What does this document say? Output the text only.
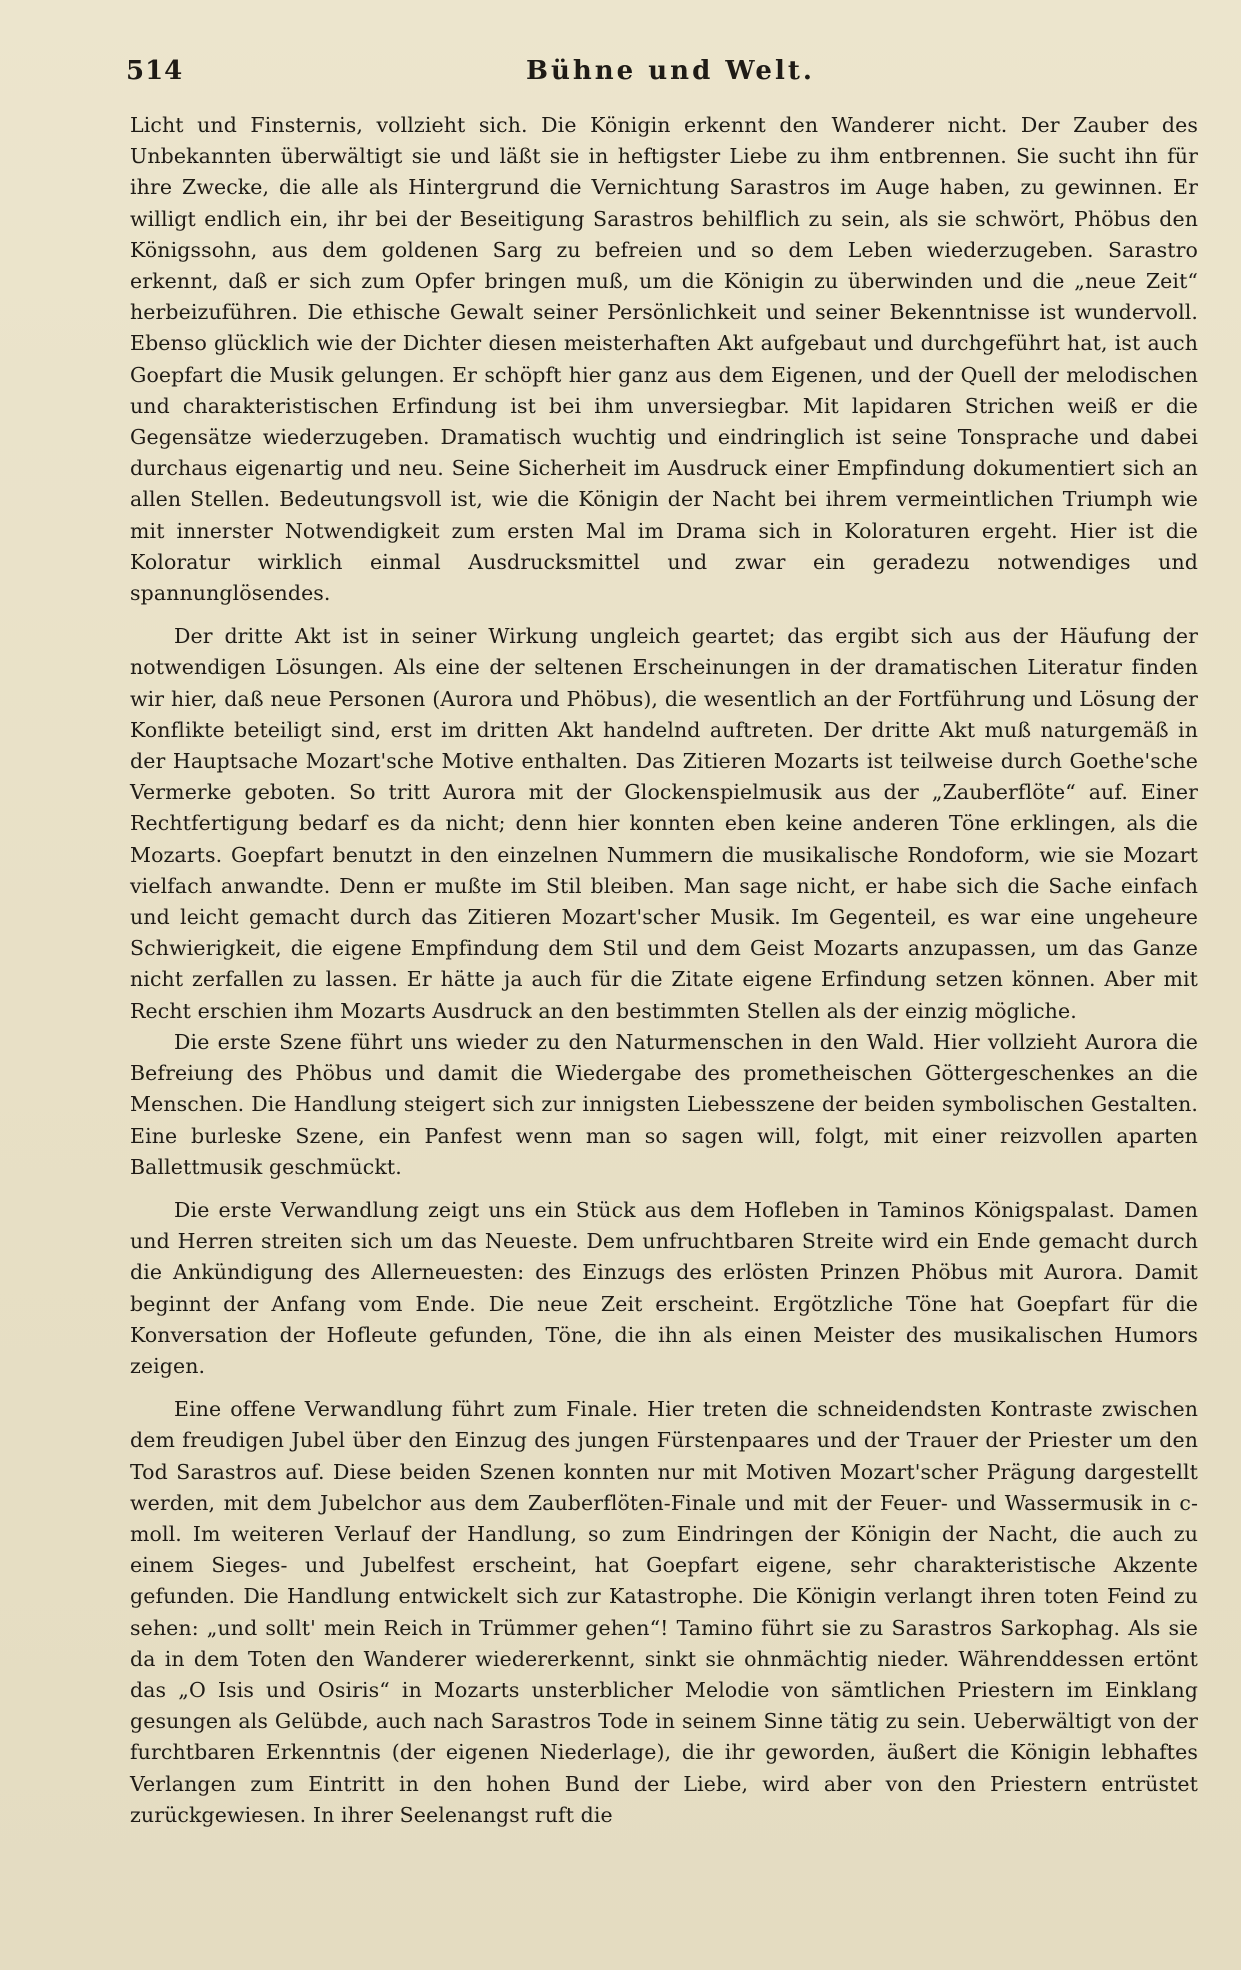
514	Bühne und Welt.

Licht und Finsternis, vollzieht sich. Die Königin erkennt den Wanderer nicht. Der Zauber des Unbekannten überwältigt sie und läßt sie in heftigster Liebe zu ihm entbrennen. Sie sucht ihn für ihre Zwecke, die alle als Hintergrund die Vernichtung Sarastros im Auge haben, zu gewinnen. Er willigt endlich ein, ihr bei der Beseitigung Sarastros behilflich zu sein, als sie schwört, Phöbus den Königssohn, aus dem goldenen Sarg zu befreien und so dem Leben wiederzugeben. Sarastro erkennt, daß er sich zum Opfer bringen muß, um die Königin zu überwinden und die „neue Zeit“ herbeizuführen. Die ethische Gewalt seiner Persönlichkeit und seiner Bekenntnisse ist wundervoll. Ebenso glücklich wie der Dichter diesen meisterhaften Akt aufgebaut und durchgeführt hat, ist auch Goepfart die Musik gelungen. Er schöpft hier ganz aus dem Eigenen, und der Quell der melodischen und charakteristischen Erfindung ist bei ihm unversiegbar. Mit lapidaren Strichen weiß er die Gegensätze wiederzugeben. Dramatisch wuchtig und eindringlich ist seine Tonsprache und dabei durchaus eigenartig und neu. Seine Sicherheit im Ausdruck einer Empfindung dokumentiert sich an allen Stellen. Bedeutungsvoll ist, wie die Königin der Nacht bei ihrem vermeintlichen Triumph wie mit innerster Notwendigkeit zum ersten Mal im Drama sich in Koloraturen ergeht. Hier ist die Koloratur wirklich einmal Ausdrucksmittel und zwar ein geradezu notwendiges und spannunglösendes.

Der dritte Akt ist in seiner Wirkung ungleich geartet; das ergibt sich aus der Häufung der notwendigen Lösungen. Als eine der seltenen Erscheinungen in der dramatischen Literatur finden wir hier, daß neue Personen (Aurora und Phöbus), die wesentlich an der Fortführung und Lösung der Konflikte beteiligt sind, erst im dritten Akt handelnd auftreten. Der dritte Akt muß naturgemäß in der Hauptsache Mozart'sche Motive enthalten. Das Zitieren Mozarts ist teilweise durch Goethe'sche Vermerke geboten. So tritt Aurora mit der Glockenspielmusik aus der „Zauberflöte“ auf. Einer Rechtfertigung bedarf es da nicht; denn hier konnten eben keine anderen Töne erklingen, als die Mozarts. Goepfart benutzt in den einzelnen Nummern die musikalische Rondoform, wie sie Mozart vielfach anwandte. Denn er mußte im Stil bleiben. Man sage nicht, er habe sich die Sache einfach und leicht gemacht durch das Zitieren Mozart'scher Musik. Im Gegenteil, es war eine ungeheure Schwierigkeit, die eigene Empfindung dem Stil und dem Geist Mozarts anzupassen, um das Ganze nicht zerfallen zu lassen. Er hätte ja auch für die Zitate eigene Erfindung setzen können. Aber mit Recht erschien ihm Mozarts Ausdruck an den bestimmten Stellen als der einzig mögliche.

Die erste Szene führt uns wieder zu den Naturmenschen in den Wald. Hier vollzieht Aurora die Befreiung des Phöbus und damit die Wiedergabe des prometheischen Göttergeschenkes an die Menschen. Die Handlung steigert sich zur innigsten Liebesszene der beiden symbolischen Gestalten. Eine burleske Szene, ein Panfest wenn man so sagen will, folgt, mit einer reizvollen aparten Ballettmusik geschmückt.

Die erste Verwandlung zeigt uns ein Stück aus dem Hofleben in Taminos Königspalast. Damen und Herren streiten sich um das Neueste. Dem unfruchtbaren Streite wird ein Ende gemacht durch die Ankündigung des Allerneuesten: des Einzugs des erlösten Prinzen Phöbus mit Aurora. Damit beginnt der Anfang vom Ende. Die neue Zeit erscheint. Ergötzliche Töne hat Goepfart für die Konversation der Hofleute gefunden, Töne, die ihn als einen Meister des musikalischen Humors zeigen.

Eine offene Verwandlung führt zum Finale. Hier treten die schneidendsten Kontraste zwischen dem freudigen Jubel über den Einzug des jungen Fürstenpaares und der Trauer der Priester um den Tod Sarastros auf. Diese beiden Szenen konnten nur mit Motiven Mozart'scher Prägung dargestellt werden, mit dem Jubelchor aus dem Zauberflöten-Finale und mit der Feuer- und Wassermusik in c-moll. Im weiteren Verlauf der Handlung, so zum Eindringen der Königin der Nacht, die auch zu einem Sieges- und Jubelfest erscheint, hat Goepfart eigene, sehr charakteristische Akzente gefunden. Die Handlung entwickelt sich zur Katastrophe. Die Königin verlangt ihren toten Feind zu sehen: „und sollt' mein Reich in Trümmer gehen“! Tamino führt sie zu Sarastros Sarkophag. Als sie da in dem Toten den Wanderer wiedererkennt, sinkt sie ohnmächtig nieder. Währenddessen ertönt das „O Isis und Osiris“ in Mozarts unsterblicher Melodie von sämtlichen Priestern im Einklang gesungen als Gelübde, auch nach Sarastros Tode in seinem Sinne tätig zu sein. Ueberwältigt von der furchtbaren Erkenntnis (der eigenen Niederlage), die ihr geworden, äußert die Königin lebhaftes Verlangen zum Eintritt in den hohen Bund der Liebe, wird aber von den Priestern entrüstet zurückgewiesen. In ihrer Seelenangst ruft die
